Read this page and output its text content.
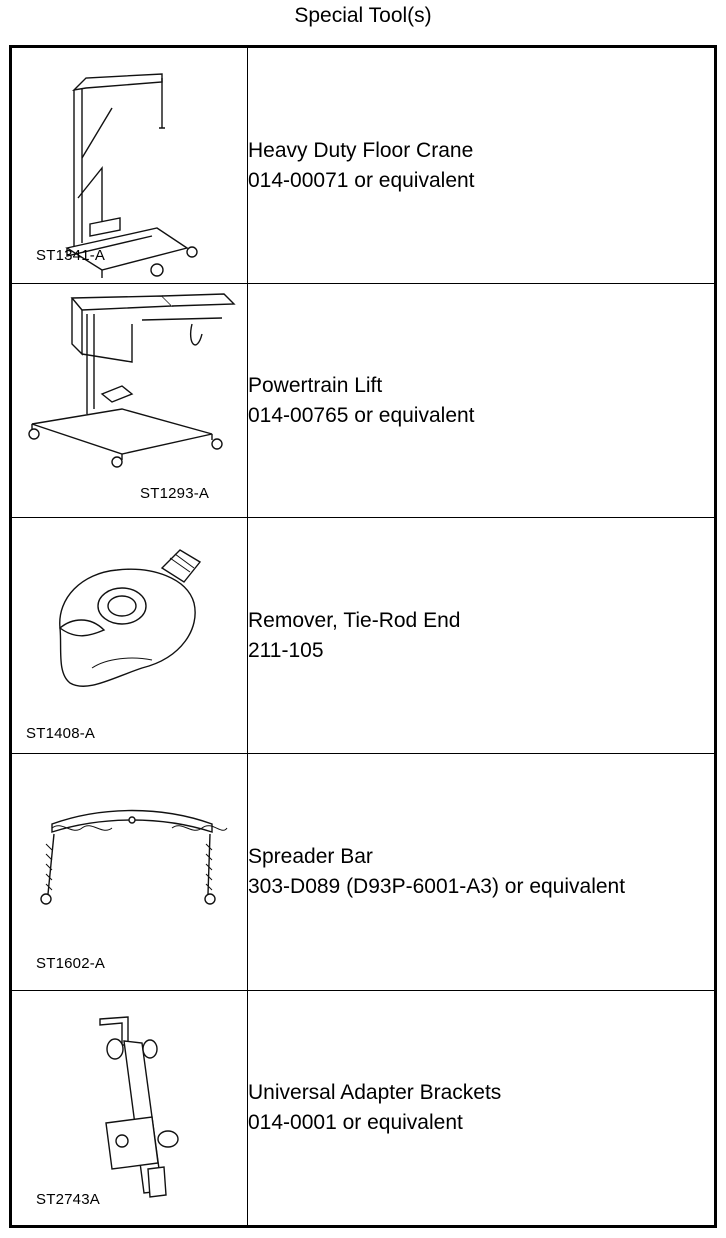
Special Tool(s)
ST1341-A	Heavy Duty Floor Crane
014-00071 or equivalent

ST1293-A	Powertrain Lift
014-00765 or equivalent

ST1408-A	Remover, Tie-Rod End
211-105

ST1602-A	Spreader Bar
303-D089 (D93P-6001-A3) or equivalent

ST2743A	Universal Adapter Brackets
014-0001 or equivalent
